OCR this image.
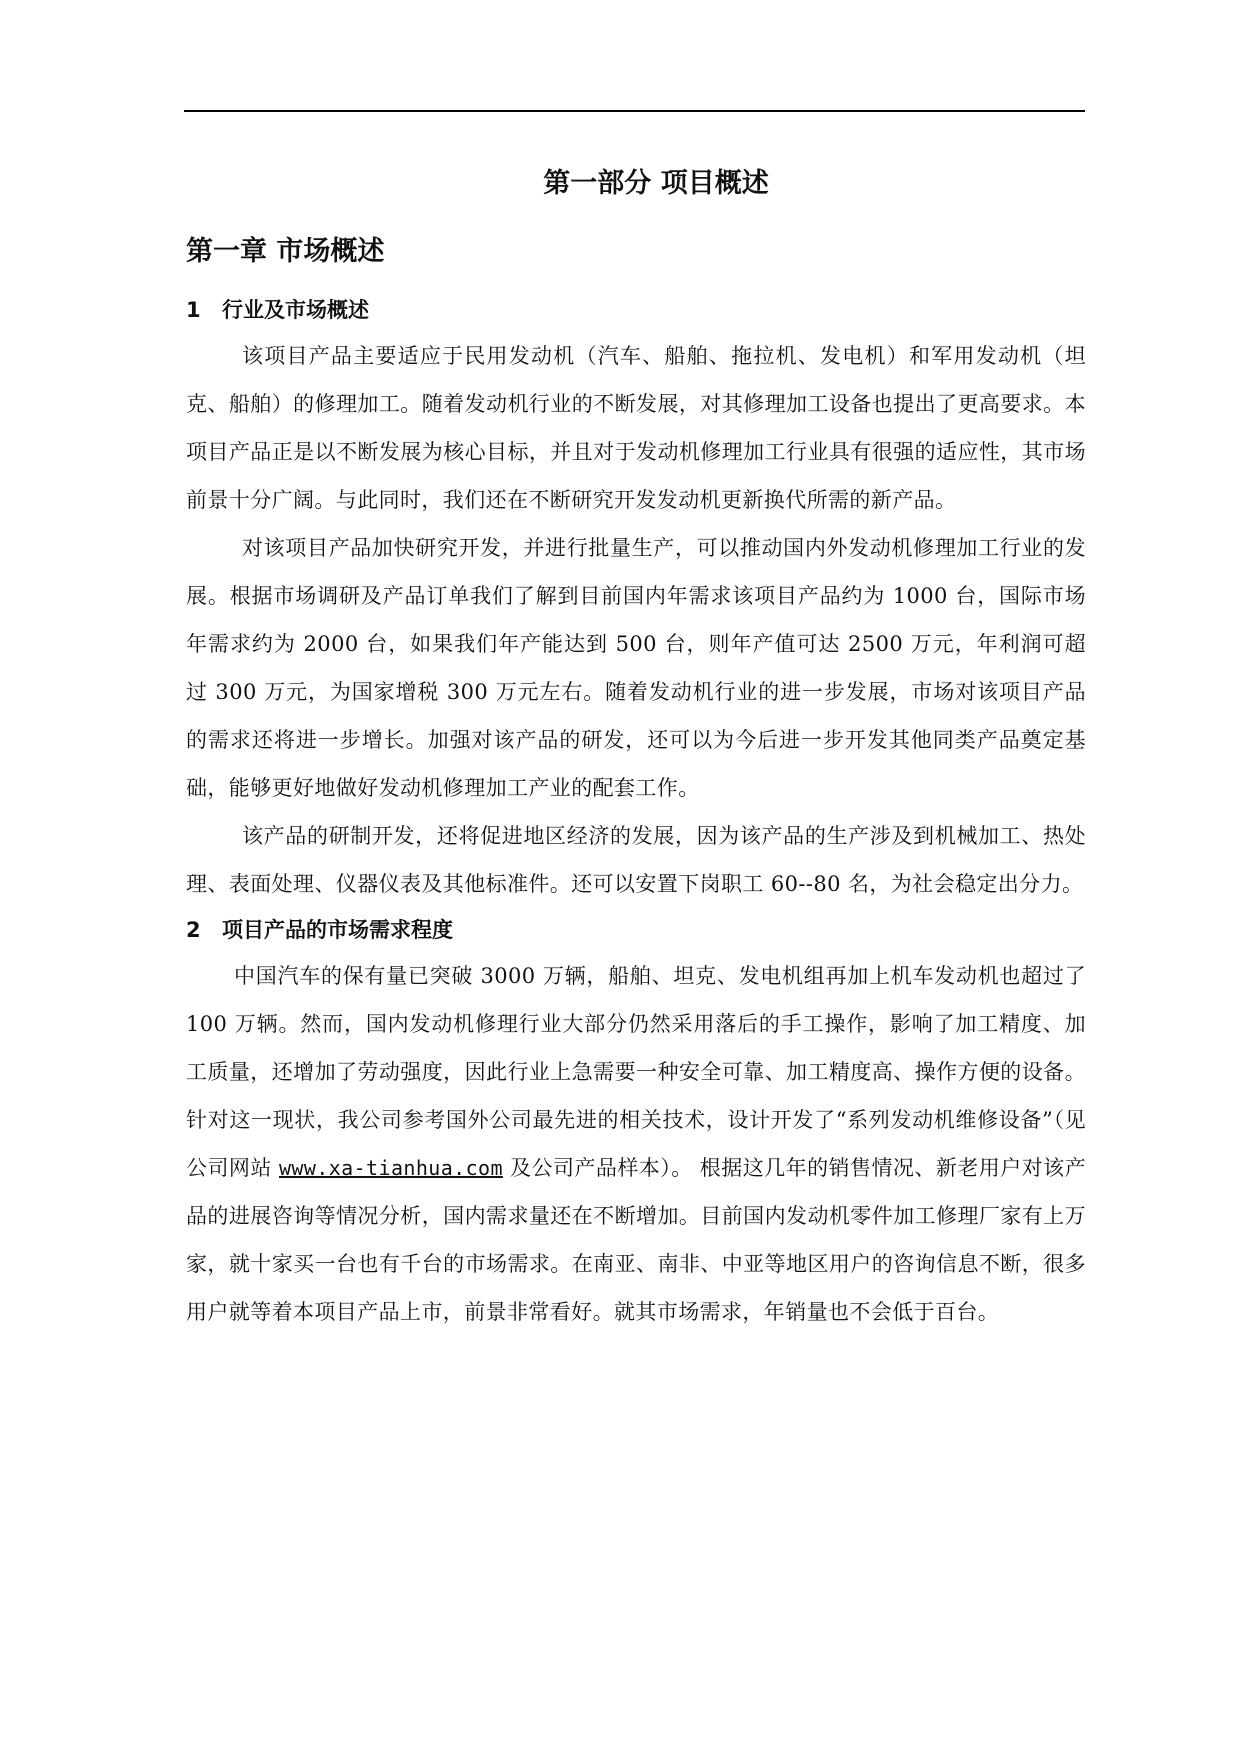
第一部分 项目概述
第一章 市场概述
1 行业及市场概述

该项目产品主要适应于民用发动机（汽车、船舶、拖拉机、发电机）和军用发动机（坦克、船舶）的修理加工。随着发动机行业的不断发展，对其修理加工设备也提出了更高要求。本项目产品正是以不断发展为核心目标，并且对于发动机修理加工行业具有很强的适应性，其市场前景十分广阔。与此同时，我们还在不断研究开发发动机更新换代所需的新产品。

对该项目产品加快研究开发，并进行批量生产，可以推动国内外发动机修理加工行业的发展。根据市场调研及产品订单我们了解到目前国内年需求该项目产品约为 1000 台，国际市场年需求约为 2000 台，如果我们年产能达到 500 台，则年产值可达 2500 万元，年利润可超过 300 万元，为国家增税 300 万元左右。随着发动机行业的进一步发展，市场对该项目产品的需求还将进一步增长。加强对该产品的研发，还可以为今后进一步开发其他同类产品奠定基础，能够更好地做好发动机修理加工产业的配套工作。

该产品的研制开发，还将促进地区经济的发展，因为该产品的生产涉及到机械加工、热处理、表面处理、仪器仪表及其他标准件。还可以安置下岗职工 60--80 名，为社会稳定出分力。

2 项目产品的市场需求程度

中国汽车的保有量已突破 3000 万辆，船舶、坦克、发电机组再加上机车发动机也超过了 100 万辆。然而，国内发动机修理行业大部分仍然采用落后的手工操作，影响了加工精度、加工质量，还增加了劳动强度，因此行业上急需要一种安全可靠、加工精度高、操作方便的设备。针对这一现状，我公司参考国外公司最先进的相关技术，设计开发了“系列发动机维修设备”（见公司网站 www.xa-tianhua.com 及公司产品样本）。 根据这几年的销售情况、新老用户对该产品的进展咨询等情况分析，国内需求量还在不断增加。目前国内发动机零件加工修理厂家有上万家，就十家买一台也有千台的市场需求。在南亚、南非、中亚等地区用户的咨询信息不断，很多用户就等着本项目产品上市，前景非常看好。就其市场需求，年销量也不会低于百台。
